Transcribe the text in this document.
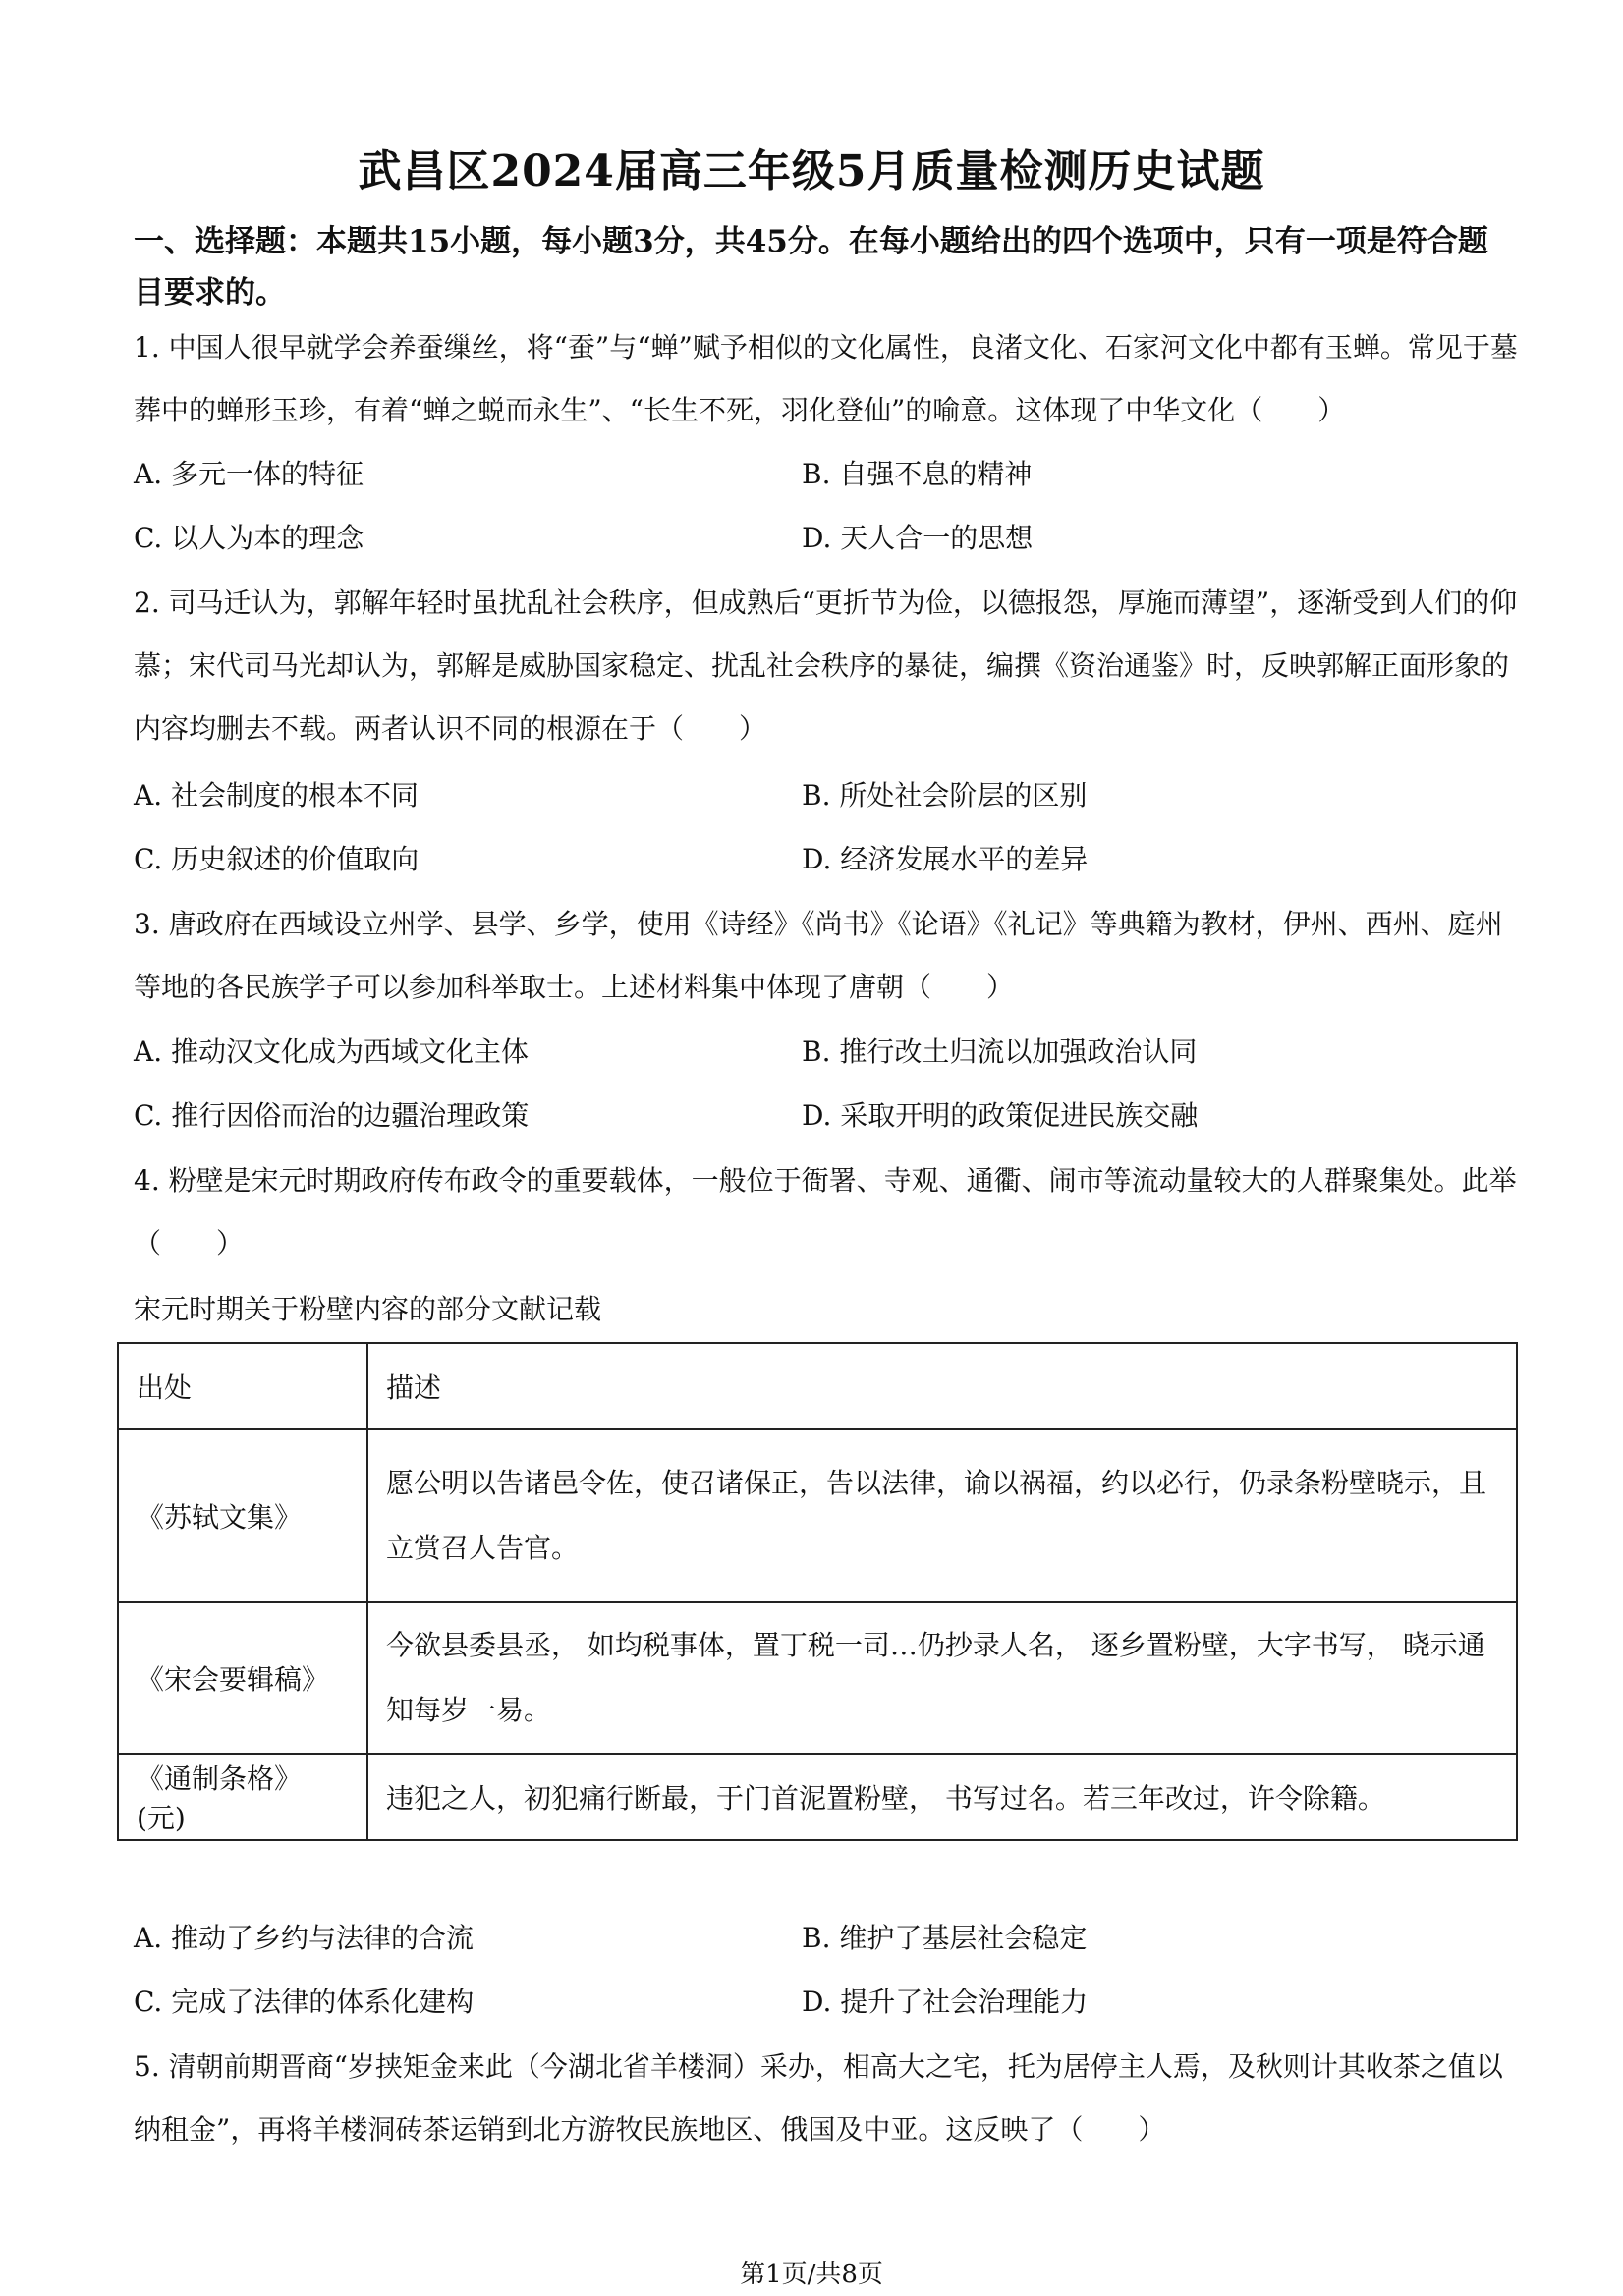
武昌区2024届高三年级5月质量检测历史试题
一、选择题：本题共15小题，每小题3分，共45分。在每小题给出的四个选项中，只有一项是符合题目要求的。
1. 中国人很早就学会养蚕缫丝，将“蚕”与“蝉”赋予相似的文化属性，良渚文化、石家河文化中都有玉蝉。常见于墓葬中的蝉形玉珍，有着“蝉之蜕而永生”、“长生不死，羽化登仙”的喻意。这体现了中华文化（　　）
A. 多元一体的特征	B. 自强不息的精神
C. 以人为本的理念	D. 天人合一的思想
2. 司马迁认为，郭解年轻时虽扰乱社会秩序，但成熟后“更折节为俭，以德报怨，厚施而薄望”，逐渐受到人们的仰慕；宋代司马光却认为，郭解是威胁国家稳定、扰乱社会秩序的暴徒，编撰《资治通鉴》时，反映郭解正面形象的内容均删去不载。两者认识不同的根源在于（　　）
A. 社会制度的根本不同	B. 所处社会阶层的区别
C. 历史叙述的价值取向	D. 经济发展水平的差异
3. 唐政府在西域设立州学、县学、乡学，使用《诗经》《尚书》《论语》《礼记》等典籍为教材，伊州、西州、庭州等地的各民族学子可以参加科举取士。上述材料集中体现了唐朝（　　）
A. 推动汉文化成为西域文化主体	B. 推行改土归流以加强政治认同
C. 推行因俗而治的边疆治理政策	D. 采取开明的政策促进民族交融
4. 粉壁是宋元时期政府传布政令的重要载体，一般位于衙署、寺观、通衢、闹市等流动量较大的人群聚集处。此举（　　）
宋元时期关于粉壁内容的部分文献记载
出处	描述
《苏轼文集》	愿公明以告诸邑令佐，使召诸保正，告以法律，谕以祸福，约以必行，仍录条粉壁晓示，且立赏召人告官。

《宋会要辑稿》	今欲县委县丞， 如均税事体，置丁税一司…仍抄录人名， 逐乡置粉壁，大字书写， 晓示通知每岁一易。

《通制条格》(元)	违犯之人，初犯痛行断最，于门首泥置粉壁， 书写过名。若三年改过，许令除籍。
A. 推动了乡约与法律的合流	B. 维护了基层社会稳定
C. 完成了法律的体系化建构	D. 提升了社会治理能力
5. 清朝前期晋商“岁挟矩金来此（今湖北省羊楼洞）采办，相高大之宅，托为居停主人焉，及秋则计其收茶之值以纳租金”，再将羊楼洞砖茶运销到北方游牧民族地区、俄国及中亚。这反映了（　　）
第1页/共8页
